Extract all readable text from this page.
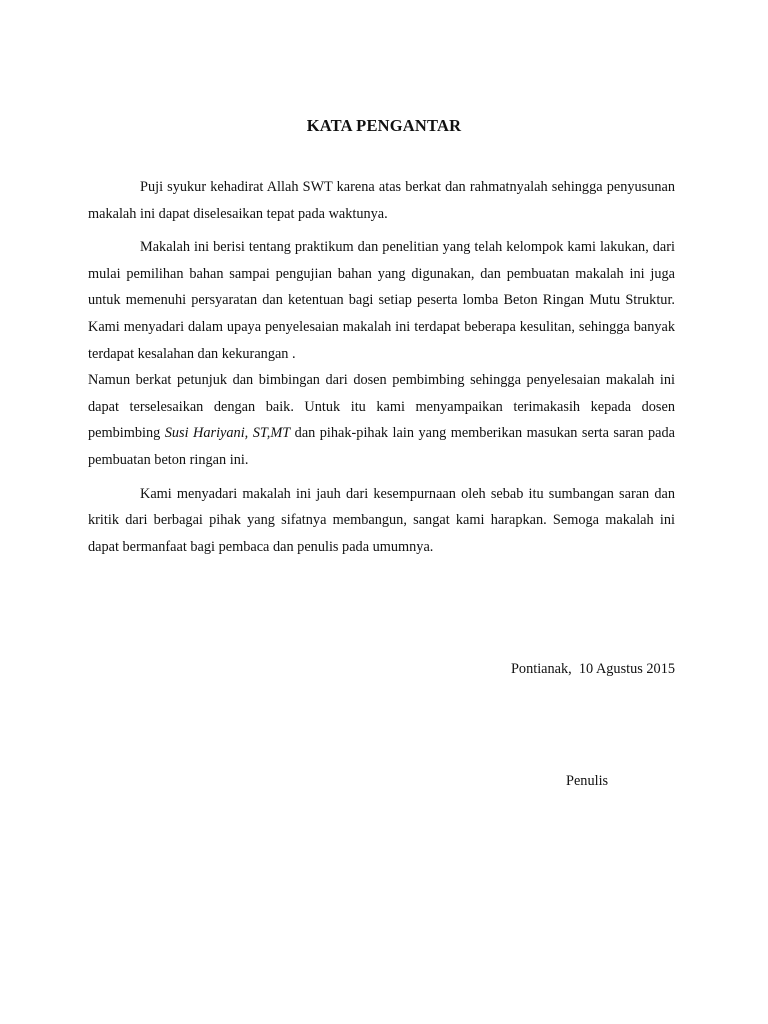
KATA PENGANTAR

Puji syukur kehadirat Allah SWT karena atas berkat dan rahmatnyalah sehingga penyusunan makalah ini dapat diselesaikan tepat pada waktunya.

Makalah ini berisi tentang praktikum dan penelitian yang telah kelompok kami lakukan, dari mulai pemilihan bahan sampai pengujian bahan yang digunakan, dan pembuatan makalah ini juga untuk memenuhi persyaratan dan ketentuan bagi setiap peserta lomba Beton Ringan Mutu Struktur. Kami menyadari dalam upaya penyelesaian makalah ini terdapat beberapa kesulitan, sehingga banyak terdapat kesalahan dan kekurangan .

Namun berkat petunjuk dan bimbingan dari dosen pembimbing sehingga penyelesaian makalah ini dapat terselesaikan dengan baik. Untuk itu kami menyampaikan terimakasih kepada dosen pembimbing Susi Hariyani, ST,MT dan pihak-pihak lain yang memberikan masukan serta saran pada pembuatan beton ringan ini.

Kami menyadari makalah ini jauh dari kesempurnaan oleh sebab itu sumbangan saran dan kritik dari berbagai pihak yang sifatnya membangun, sangat kami harapkan. Semoga makalah ini dapat bermanfaat bagi pembaca dan penulis pada umumnya.

Pontianak,  10 Agustus 2015
Penulis
